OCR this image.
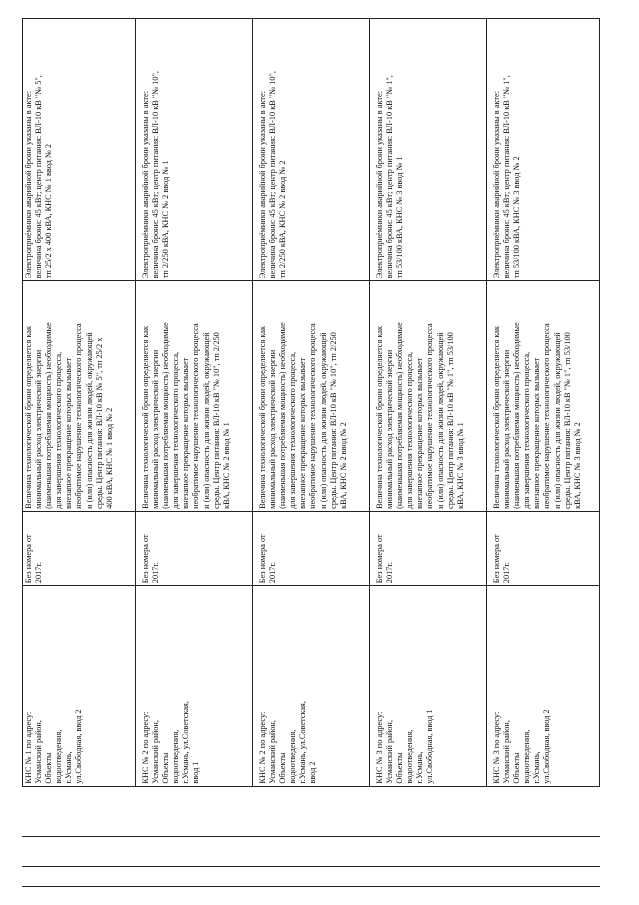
Электроприёмники аварийной брони указаны в акте:
величина брони: 45 кВт; центр питания: ВЛ-10 кВ "№ 5",
тп 25/2 х 400 кВА, КНС № 1 ввод № 2
Величина технологической брони определяется как
минимальный расход электрической энергии
(наименьшая потребляемая мощность) необходимые
для завершения технологического процесса,
внезапное прекращение которых вызывает
необратимое нарушение технологического процесса
и (или) опасность для жизни людей, окружающей
среды. Центр питания: ВЛ-10 кВ № 5", тп 25/2 х
400 кВА, КНС № 1 ввод № 2
Без номера от
2017г.
КНС № 1 по адресу:
Усманский район,
Объекты
водоотведения,
г.Усмань,
ул.Свободная, ввод 2
Электроприёмники аварийной брони указаны в акте:
величина брони: 45 кВт; центр питания: ВЛ-10 кВ "№ 10",
тп 2/250 кВА, КНС № 2 ввод № 1
Величина технологической брони определяется как
минимальный расход электрической энергии
(наименьшая потребляемая мощность) необходимые
для завершения технологического процесса,
внезапное прекращение которых вызывает
необратимое нарушение технологического процесса
и (или) опасность для жизни людей, окружающей
среды. Центр питания: ВЛ-10 кВ "№ 10", тп 2/250
кВА, КНС № 2 ввод № 1
Без номера от
2017г.
КНС № 2 по адресу:
Усманский район,
Объекты
водоотведения,
г.Усмань, ул.Советская,
ввод 1
Электроприёмники аварийной брони указаны в акте:
величина брони: 45 кВт; центр питания: ВЛ-10 кВ "№ 10",
тп 2/250 кВА, КНС № 2 ввод № 2
Величина технологической брони определяется как
минимальный расход электрической энергии
(наименьшая потребляемая мощность) необходимые
для завершения технологического процесса,
внезапное прекращение которых вызывает
необратимое нарушение технологического процесса
и (или) опасность для жизни людей, окружающей
среды. Центр питания: ВЛ-10 кВ "№ 10", тп 2/250
кВА, КНС № 2 ввод № 2
Без номера от
2017г.
КНС № 2 по адресу:
Усманский район,
Объекты
водоотведения,
г.Усмань, ул.Советская,
ввод 2
Электроприёмники аварийной брони указаны в акте:
величина брони: 45 кВт; центр питания: ВЛ-10 кВ "№ 1",
тп 53/100 кВА, КНС № 3 ввод № 1
Величина технологической брони определяется как
минимальный расход электрической энергии
(наименьшая потребляемая мощность) необходимые
для завершения технологического процесса,
внезапное прекращение которых вызывает
необратимое нарушение технологического процесса
и (или) опасность для жизни людей, окружающей
среды. Центр питания: ВЛ-10 кВ "№ 1", тп 53/100
кВА, КНС № 3 ввод № 1
Без номера от
2017г.
КНС № 3 по адресу:
Усманский район,
Объекты
водоотведения,
г.Усмань,
ул.Свободная, ввод 1
Электроприёмники аварийной брони указаны в акте:
величина брони: 45 кВт; центр питания: ВЛ-10 кВ "№ 1",
тп 53/100 кВА, КНС № 3 ввод № 2
Величина технологической брони определяется как
минимальный расход электрической энергии
(наименьшая потребляемая мощность) необходимые
для завершения технологического процесса,
внезапное прекращение которых вызывает
необратимое нарушение технологического процесса
и (или) опасность для жизни людей, окружающей
среды. Центр питания: ВЛ-10 кВ "№ 1", тп 53/100
кВА, КНС № 3 ввод № 2
Без номера от
2017г.
КНС № 3 по адресу:
Усманский район,
Объекты
водоотведения,
г.Усмань,
ул.Свободная, ввод 2
